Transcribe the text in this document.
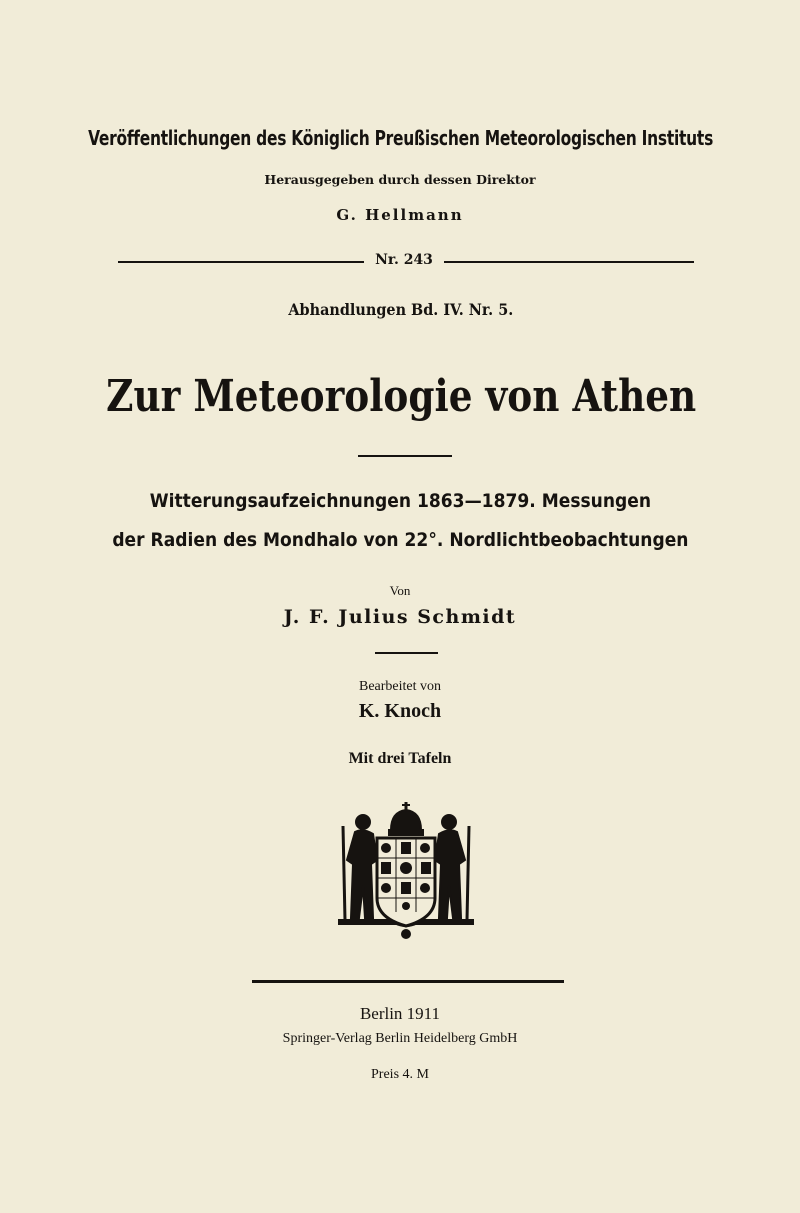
Veröffentlichungen des Königlich Preußischen Meteorologischen Instituts
Herausgegeben durch dessen Direktor
G. Hellmann
Nr. 243
Abhandlungen Bd. IV. Nr. 5.
Zur Meteorologie von Athen
Witterungsaufzeichnungen 1863—1879. Messungen
der Radien des Mondhalo von 22°. Nordlichtbeobachtungen
Von
J. F. Julius Schmidt
Bearbeitet von
K. Knoch
Mit drei Tafeln
Berlin 1911
Springer-Verlag Berlin Heidelberg GmbH
Preis 4. M
